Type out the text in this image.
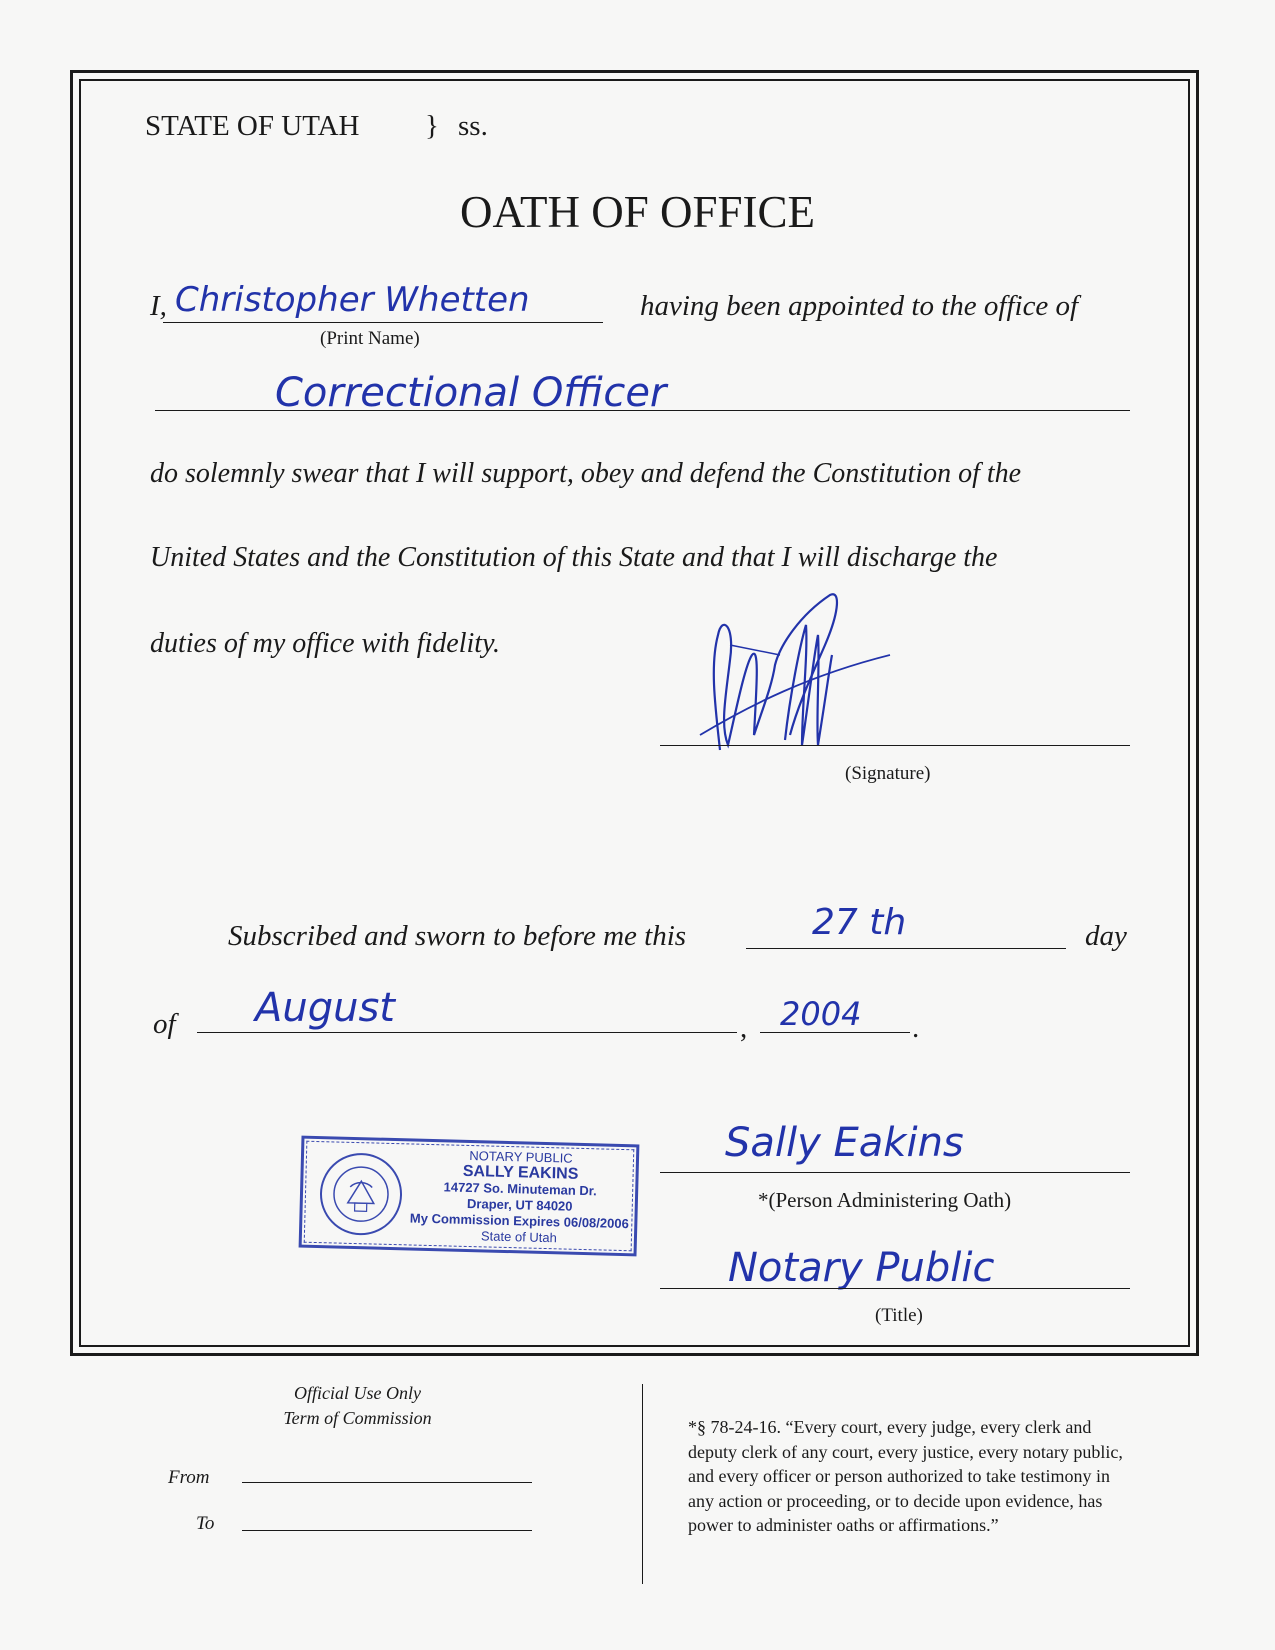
STATE OF UTAH } ss.
OATH OF OFFICE
I, Christopher Whetten
(Print Name)
having been appointed to the office of
Correctional Officer
do solemnly swear that I will support, obey and defend the Constitution of the
United States and the Constitution of this State and that I will discharge the
duties of my office with fidelity.
(Signature)
Subscribed and sworn to before me this	27 th	day
of August	, 2004 .
NOTARY PUBLIC
SALLY EAKINS
14727 So. Minuteman Dr.
Draper, UT 84020
My Commission Expires 06/08/2006
State of Utah
Sally Eakins
*(Person Administering Oath)
Notary Public
(Title)
Official Use Only
Term of Commission
From
To
*§ 78-24-16. “Every court, every judge, every clerk and
deputy clerk of any court, every justice, every notary public,
and every officer or person authorized to take testimony in
any action or proceeding, or to decide upon evidence, has
power to administer oaths or affirmations.”
